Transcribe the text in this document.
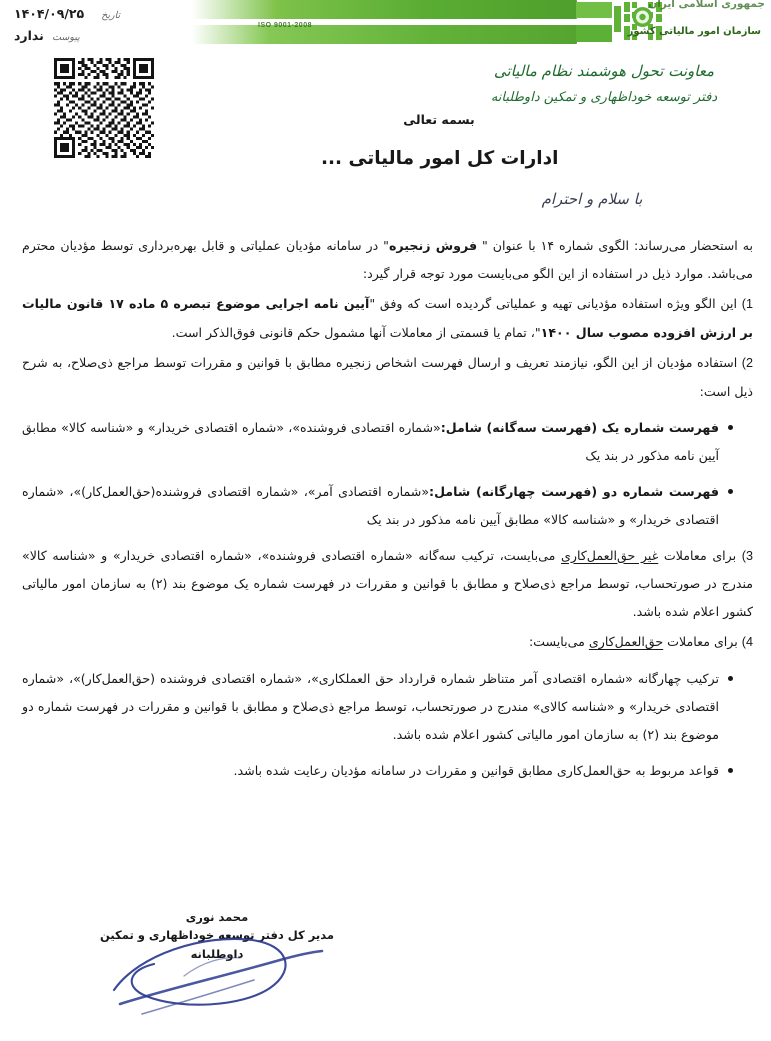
جمهوری اسلامی ایران
سازمان امور مالیاتی کشور
ISO 9001-2008
تاریخ
۱۴۰۴/۰۹/۲۵
پیوست
ندارد
معاونت تحول هوشمند نظام مالیاتی
دفتر توسعه خوداظهاری و تمکین داوطلبانه
بسمه تعالی
ادارات کل امور مالیاتی ...
با سلام و احترام

به استحضار می‌رساند: الگوی شماره ۱۴ با عنوان " فروش زنجیره" در سامانه مؤدیان عملیاتی و قابل بهره‌برداری توسط مؤدیان محترم می‌باشد. موارد ذیل در استفاده از این الگو می‌بایست مورد توجه قرار گیرد:

1) این الگو ویژه استفاده مؤدیانی تهیه و عملیاتی گردیده است که وفق "آیین نامه اجرایی موضوع تبصره ۵ ماده ۱۷ قانون مالیات بر ارزش افزوده مصوب سال ۱۴۰۰"، تمام یا قسمتی از معاملات آنها مشمول حکم قانونی فوق‌الذکر است.

2) استفاده مؤدیان از این الگو، نیازمند تعریف و ارسال فهرست اشخاص زنجیره مطابق با قوانین و مقررات توسط مراجع ذی‌صلاح، به شرح ذیل است:

فهرست شماره یک (فهرست سه‌گانه) شامل:«شماره اقتصادی فروشنده»، «شماره اقتصادی خریدار» و «شناسه کالا» مطابق آیین نامه مذکور در بند یک

فهرست شماره دو (فهرست چهارگانه) شامل:«شماره اقتصادی آمر»، «شماره اقتصادی فروشنده(حق‌العمل‌کار)»، «شماره اقتصادی خریدار» و «شناسه کالا» مطابق آیین نامه مذکور در بند یک

3) برای معاملات غیر حق‌العمل‌کاری می‌بایست، ترکیب سه‌گانه «شماره اقتصادی فروشنده»، «شماره اقتصادی خریدار» و «شناسه کالا» مندرج در صورتحساب، توسط مراجع ذی‌صلاح و مطابق با قوانین و مقررات در فهرست شماره یک موضوع بند (۲) به سازمان امور مالیاتی کشور اعلام شده باشد.

4) برای معاملات حق‌العمل‌کاری می‌بایست:

ترکیب چهارگانه «شماره اقتصادی آمر متناظر شماره قرارداد حق العملکاری»، «شماره اقتصادی فروشنده (حق‌العمل‌کار)»، «شماره اقتصادی خریدار» و «شناسه کالای» مندرج در صورتحساب، توسط مراجع ذی‌صلاح و مطابق با قوانین و مقررات در فهرست شماره دو موضوع بند (۲) به سازمان امور مالیاتی کشور اعلام شده باشد.

قواعد مربوط به حق‌العمل‌کاری مطابق قوانین و مقررات در سامانه مؤدیان رعایت شده باشد.

محمد نوری
مدیر کل دفتر توسعه خوداظهاری و تمکین
داوطلبانه
